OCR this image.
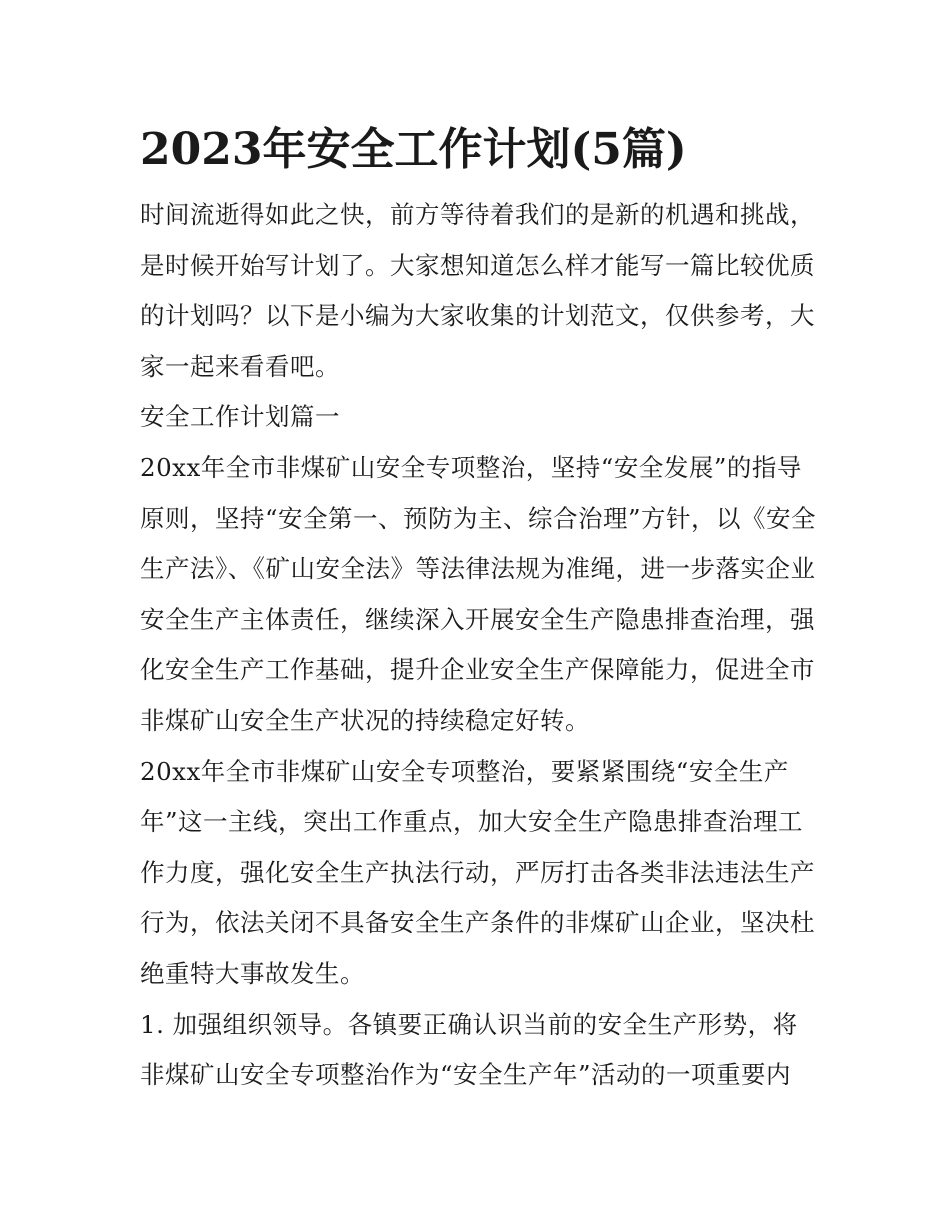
2023年安全工作计划(5篇)

时间流逝得如此之快，前方等待着我们的是新的机遇和挑战，是时候开始写计划了。大家想知道怎么样才能写一篇比较优质的计划吗？以下是小编为大家收集的计划范文，仅供参考，大家一起来看看吧。

安全工作计划篇一

20xx年全市非煤矿山安全专项整治，坚持“安全发展”的指导原则，坚持“安全第一、预防为主、综合治理”方针，以《安全生产法》、《矿山安全法》等法律法规为准绳，进一步落实企业安全生产主体责任，继续深入开展安全生产隐患排查治理，强化安全生产工作基础，提升企业安全生产保障能力，促进全市非煤矿山安全生产状况的持续稳定好转。

20xx年全市非煤矿山安全专项整治，要紧紧围绕“安全生产年”这一主线，突出工作重点，加大安全生产隐患排查治理工作力度，强化安全生产执法行动，严厉打击各类非法违法生产行为，依法关闭不具备安全生产条件的非煤矿山企业，坚决杜绝重特大事故发生。

1. 加强组织领导。各镇要正确认识当前的安全生产形势，将非煤矿山安全专项整治作为“安全生产年”活动的一项重要内
